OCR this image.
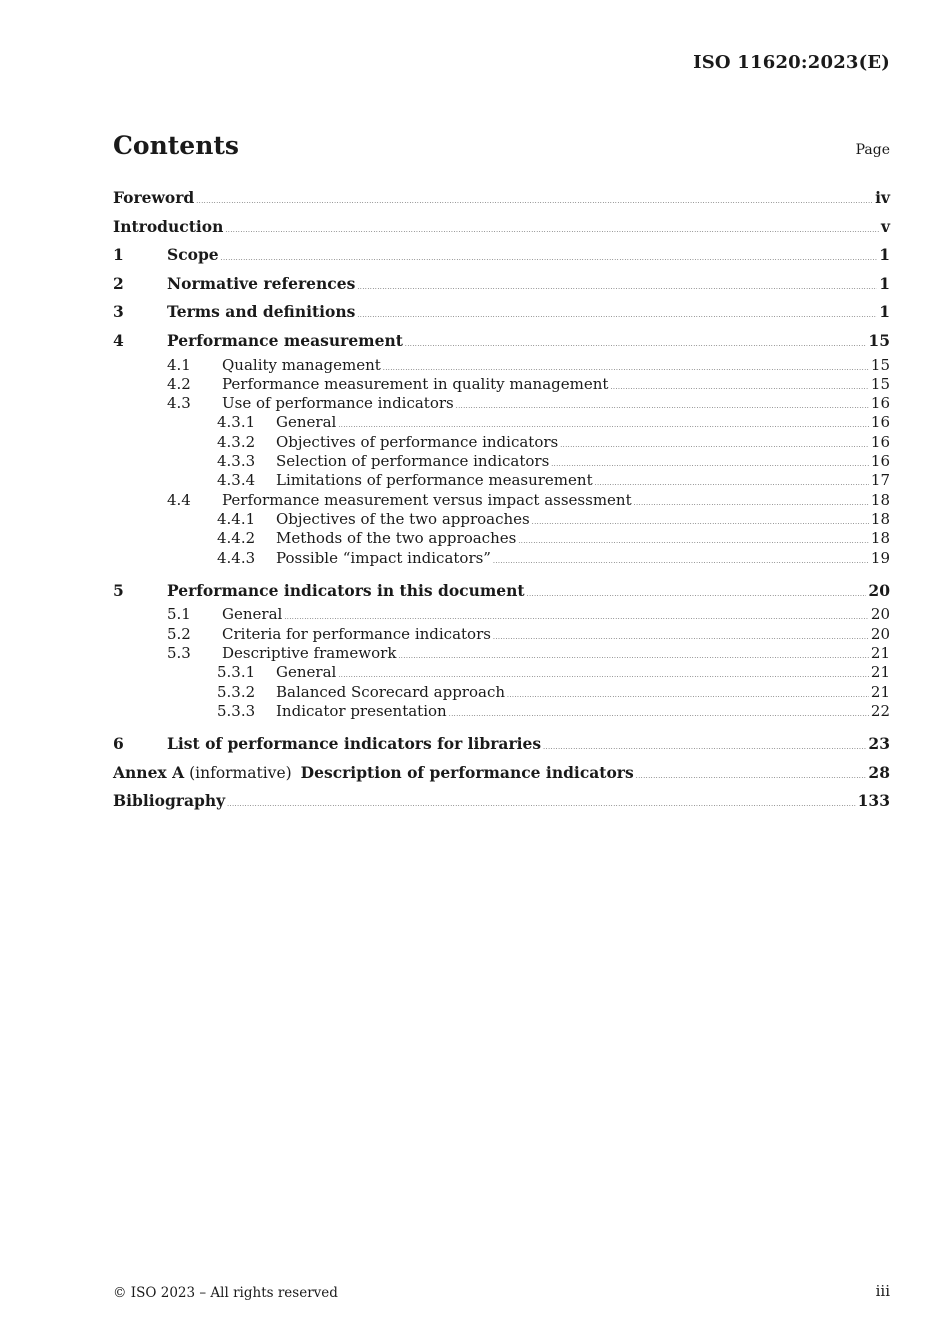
ISO 11620:2023(E)
Contents	Page
Foreword .....	iv
Introduction .....	v
1	Scope .....	1
2	Normative references .....	1
3	Terms and definitions .....	1
4	Performance measurement .....	15
4.1	Quality management .....	15
4.2	Performance measurement in quality management .....	15
4.3	Use of performance indicators .....	16
4.3.1	General .....	16
4.3.2	Objectives of performance indicators .....	16
4.3.3	Selection of performance indicators .....	16
4.3.4	Limitations of performance measurement .....	17
4.4	Performance measurement versus impact assessment .....	18
4.4.1	Objectives of the two approaches .....	18
4.4.2	Methods of the two approaches .....	18
4.4.3	Possible “impact indicators” .....	19
5	Performance indicators in this document .....	20
5.1	General .....	20
5.2	Criteria for performance indicators .....	20
5.3	Descriptive framework .....	21
5.3.1	General .....	21
5.3.2	Balanced Scorecard approach .....	21
5.3.3	Indicator presentation .....	22
6	List of performance indicators for libraries .....	23
Annex A (informative) Description of performance indicators .....	28
Bibliography .....	133
© ISO 2023 – All rights reserved	iii
